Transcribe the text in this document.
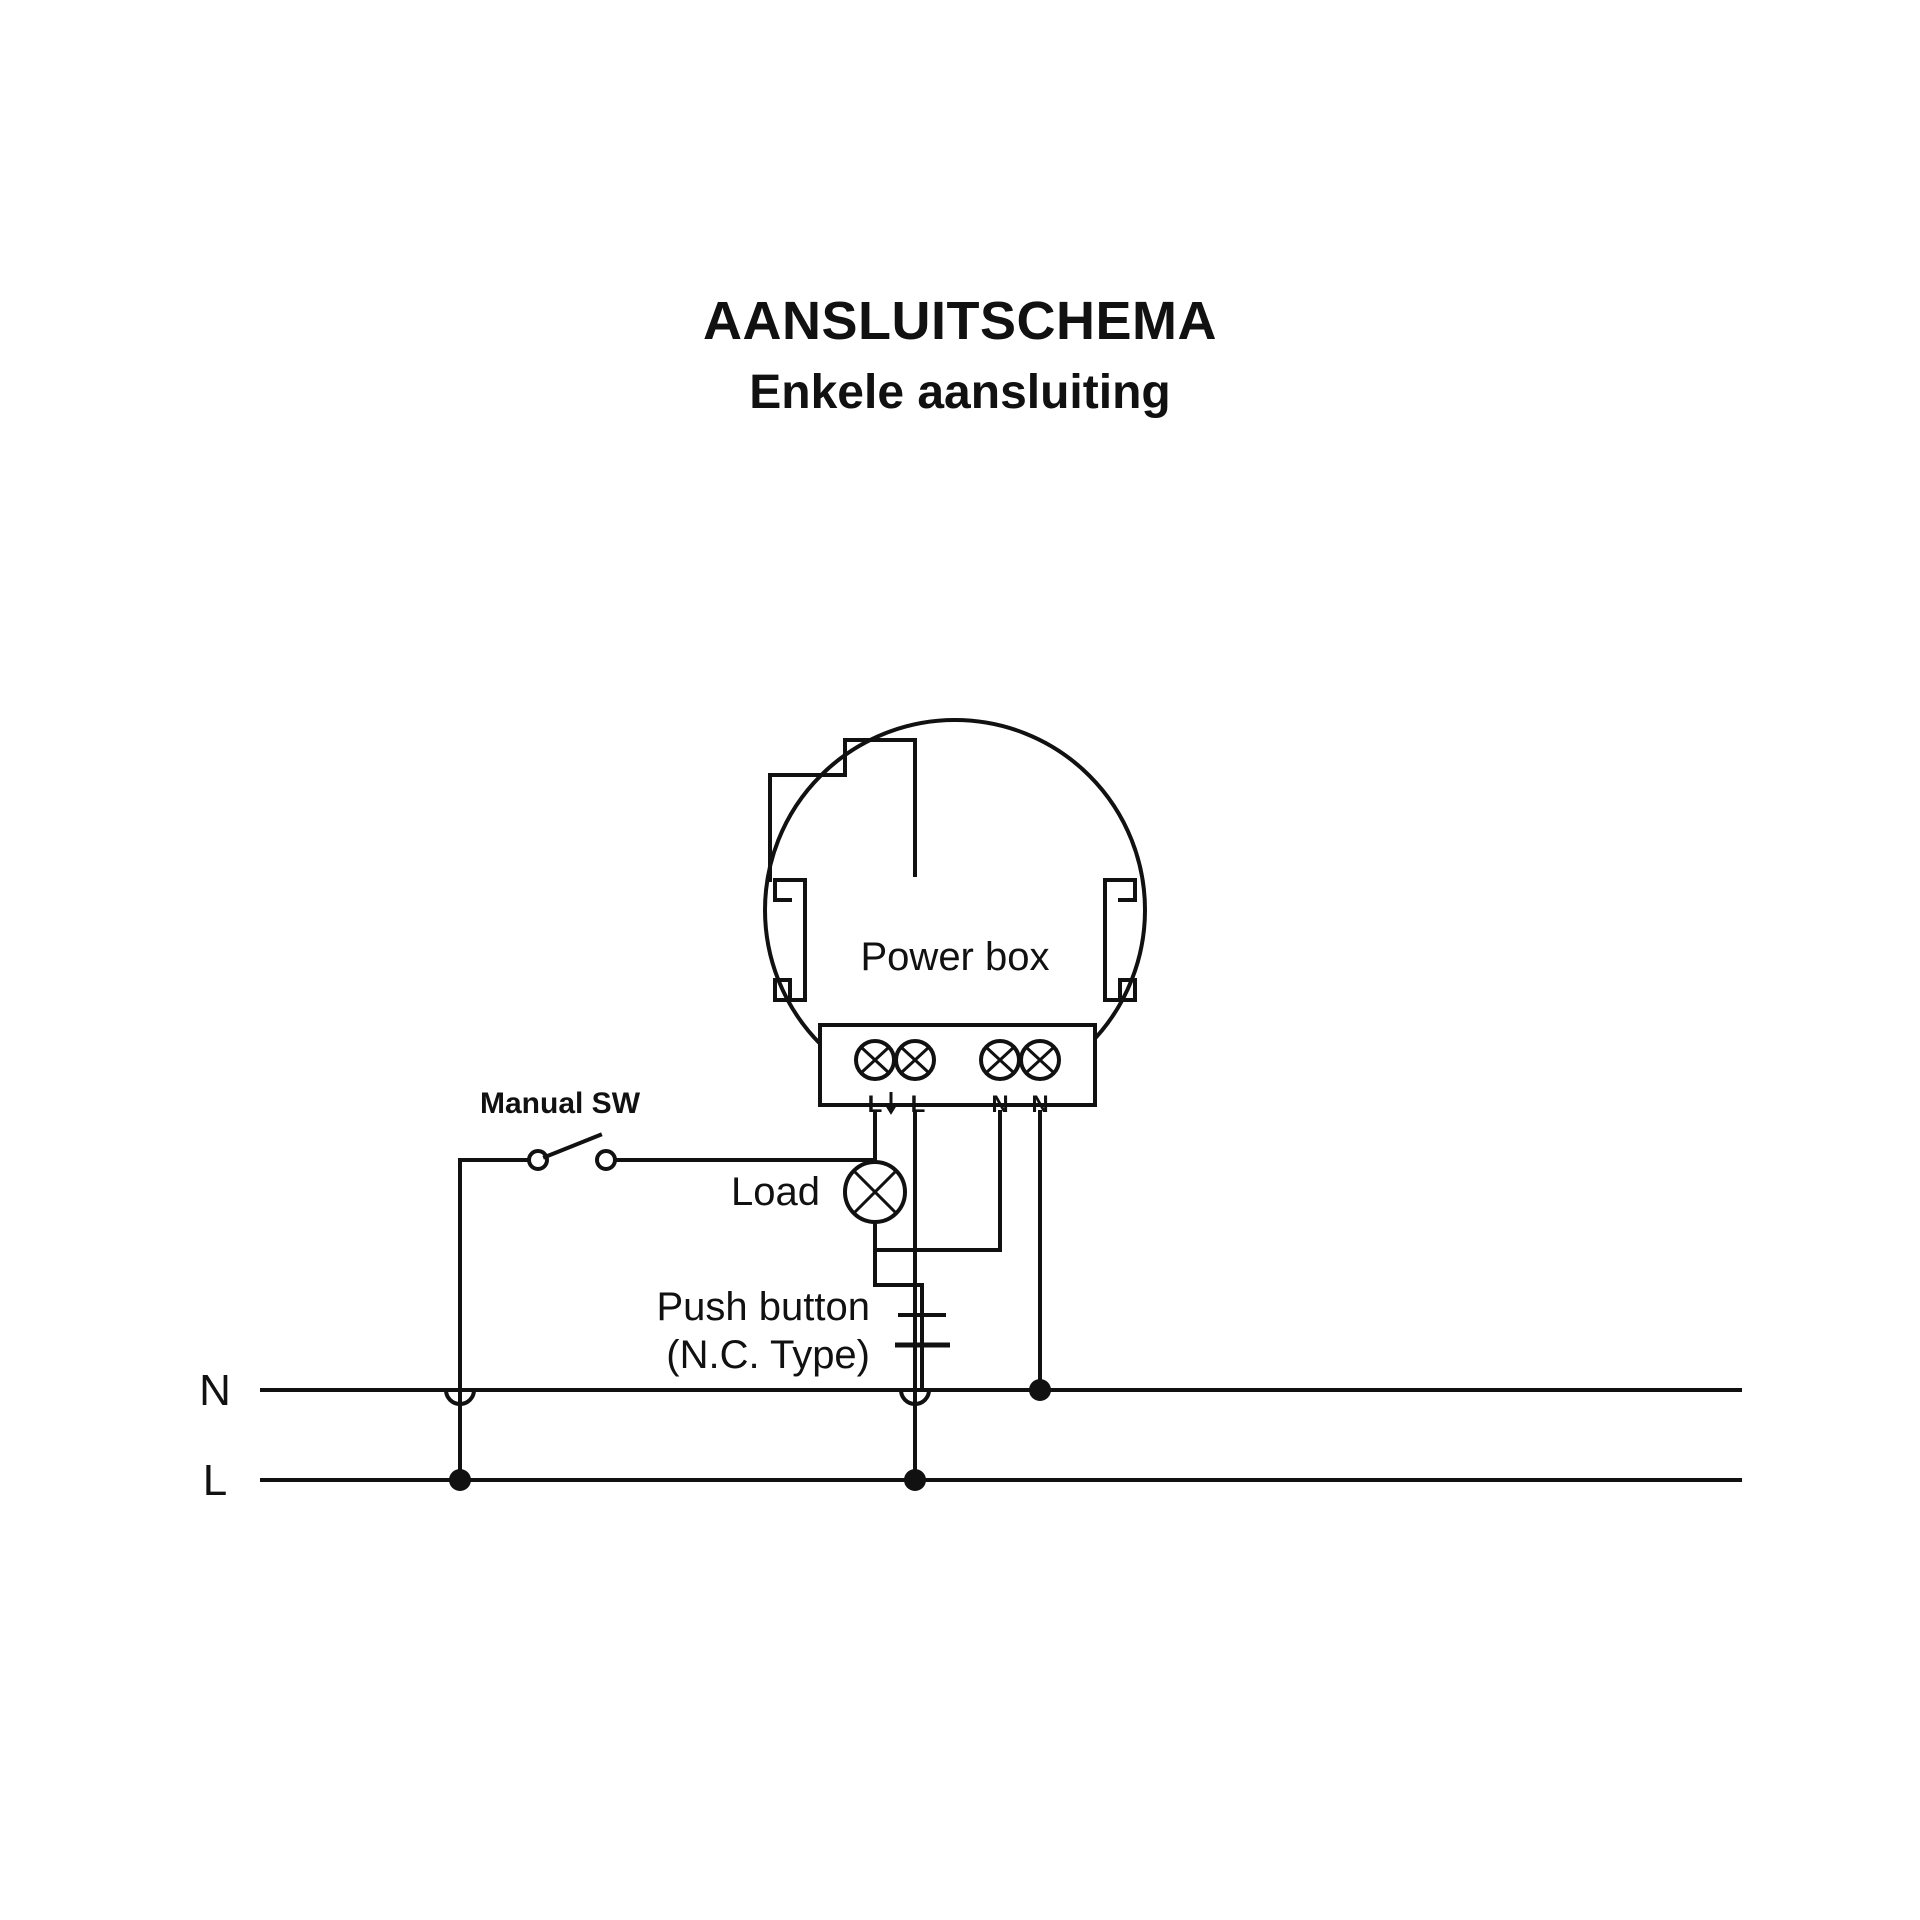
AANSLUITSCHEMA
Enkele aansluiting
Power box
L L	N N
Load
Manual SW
Push button
(N.C. Type)
N
L
